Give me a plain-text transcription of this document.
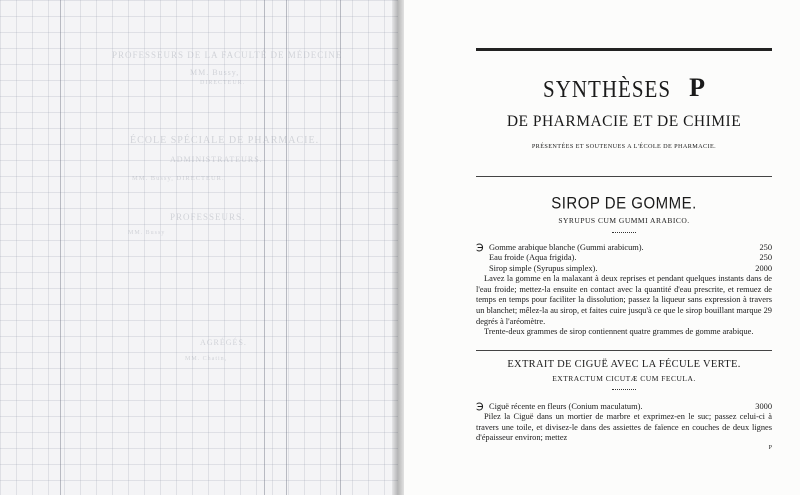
PROFESSEURS DE LA FACULTÉ DE MÉDECINE
MM. Bussy,
DIRECTEUR.
ÉCOLE SPÉCIALE DE PHARMACIE.
ADMINISTRATEURS.
MM. Bussy, DIRECTEUR.
PROFESSEURS.
MM. Bussy
AGRÉGÉS.
MM. Chatin,
SYNTHÈSES P
DE PHARMACIE ET DE CHIMIE
PRÉSENTÉES ET SOUTENUES A L'ÉCOLE DE PHARMACIE.
SIROP DE GOMME.
SYRUPUS CUM GUMMI ARABICO.
℈ Gomme arabique blanche (Gummi arabicum).	250
Eau froide (Aqua frigida).	250
Sirop simple (Syrupus simplex).	2000

Lavez la gomme en la malaxant à deux reprises et pendant quelques instants dans de l'eau froide; mettez-la ensuite en contact avec la quantité d'eau prescrite, et remuez de temps en temps pour faciliter la dissolution; passez la liqueur sans expression à travers un blanchet; mêlez-la au sirop, et faites cuire jusqu'à ce que le sirop bouillant marque 29 degrés à l'aréomètre.

Trente-deux grammes de sirop contiennent quatre grammes de gomme arabique.

EXTRAIT DE CIGUË AVEC LA FÉCULE VERTE.
EXTRACTUM CICUTÆ CUM FECULA.
℈ Ciguë récente en fleurs (Conium maculatum).	3000

Pilez la Ciguë dans un mortier de marbre et exprimez-en le suc; passez celui-ci à travers une toile, et divisez-le dans des assiettes de faïence en couches de deux lignes d'épaisseur environ; mettez

P
